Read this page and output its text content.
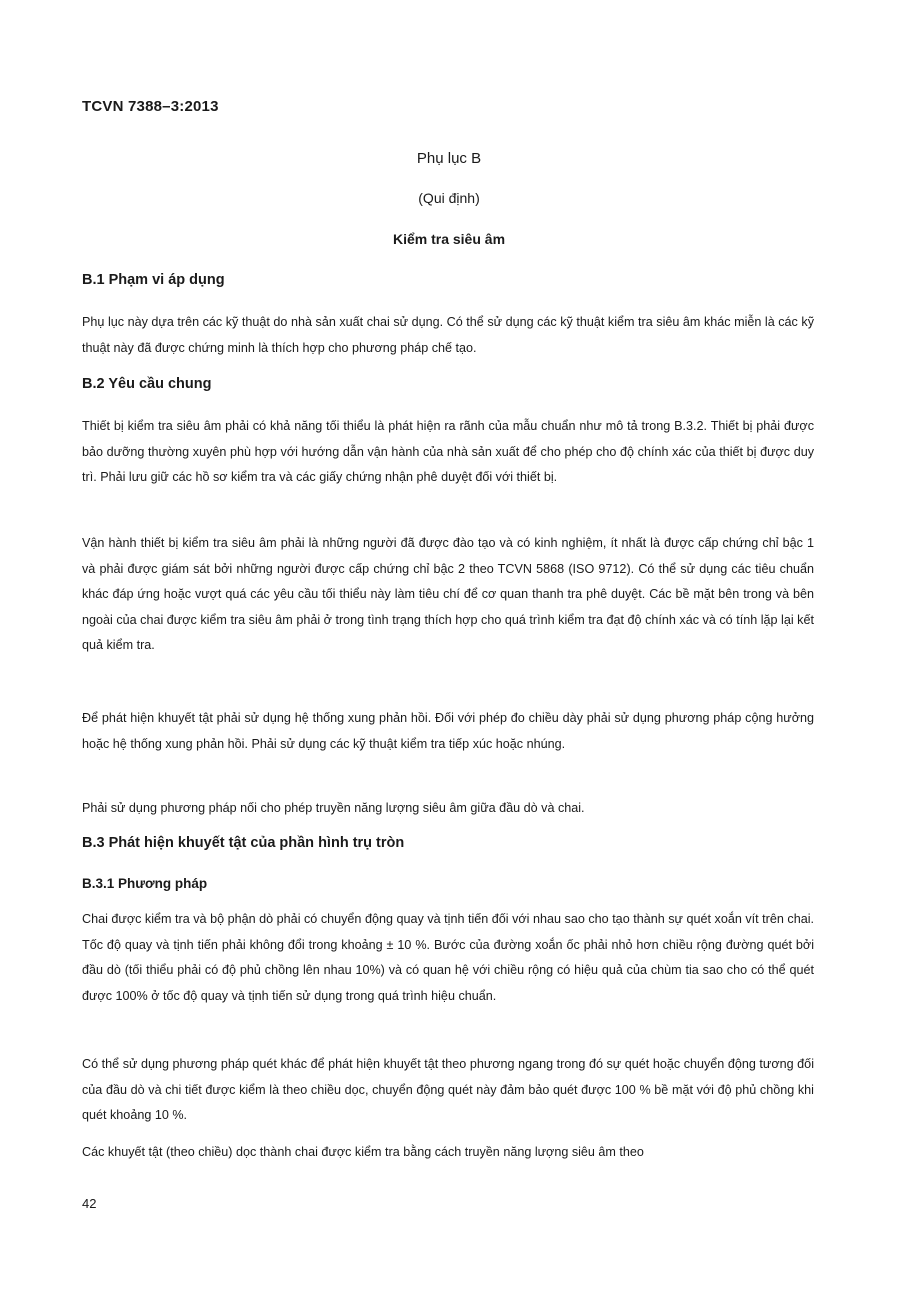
TCVN 7388–3:2013
Phụ lục B
(Qui định)
Kiểm tra siêu âm
B.1 Phạm vi áp dụng

Phụ lục này dựa trên các kỹ thuật do nhà sản xuất chai sử dụng. Có thể sử dụng các kỹ thuật kiểm tra siêu âm khác miễn là các kỹ thuật này đã được chứng minh là thích hợp cho phương pháp chế tạo.

B.2 Yêu cầu chung

Thiết bị kiểm tra siêu âm phải có khả năng tối thiểu là phát hiện ra rãnh của mẫu chuẩn như mô tả trong B.3.2. Thiết bị phải được bảo dưỡng thường xuyên phù hợp với hướng dẫn vận hành của nhà sản xuất để cho phép cho độ chính xác của thiết bị được duy trì. Phải lưu giữ các hồ sơ kiểm tra và các giấy chứng nhận phê duyệt đối với thiết bị.

Vận hành thiết bị kiểm tra siêu âm phải là những người đã được đào tạo và có kinh nghiệm, ít nhất là được cấp chứng chỉ bậc 1 và phải được giám sát bởi những người được cấp chứng chỉ bậc 2 theo TCVN 5868 (ISO 9712). Có thể sử dụng các tiêu chuẩn khác đáp ứng hoặc vượt quá các yêu cầu tối thiểu này làm tiêu chí để cơ quan thanh tra phê duyệt. Các bề mặt bên trong và bên ngoài của chai được kiểm tra siêu âm phải ở trong tình trạng thích hợp cho quá trình kiểm tra đạt độ chính xác và có tính lặp lại kết quả kiểm tra.

Để phát hiện khuyết tật phải sử dụng hệ thống xung phản hồi. Đối với phép đo chiều dày phải sử dụng phương pháp cộng hưởng hoặc hệ thống xung phản hồi. Phải sử dụng các kỹ thuật kiểm tra tiếp xúc hoặc nhúng.

Phải sử dụng phương pháp nối cho phép truyền năng lượng siêu âm giữa đầu dò và chai.

B.3 Phát hiện khuyết tật của phần hình trụ tròn
B.3.1 Phương pháp

Chai được kiểm tra và bộ phận dò phải có chuyển động quay và tịnh tiến đối với nhau sao cho tạo thành sự quét xoắn vít trên chai. Tốc độ quay và tịnh tiến phải không đổi trong khoảng ± 10 %. Bước của đường xoắn ốc phải nhỏ hơn chiều rộng đường quét bởi đầu dò (tối thiểu phải có độ phủ chồng lên nhau 10%) và có quan hệ với chiều rộng có hiệu quả của chùm tia sao cho có thể quét được 100% ở tốc độ quay và tịnh tiến sử dụng trong quá trình hiệu chuẩn.

Có thể sử dụng phương pháp quét khác để phát hiện khuyết tật theo phương ngang trong đó sự quét hoặc chuyển động tương đối của đầu dò và chi tiết được kiểm là theo chiều dọc, chuyển động quét này đảm bảo quét được 100 % bề mặt với độ phủ chồng khi quét khoảng 10 %.

Các khuyết tật (theo chiều) dọc thành chai được kiểm tra bằng cách truyền năng lượng siêu âm theo

42
